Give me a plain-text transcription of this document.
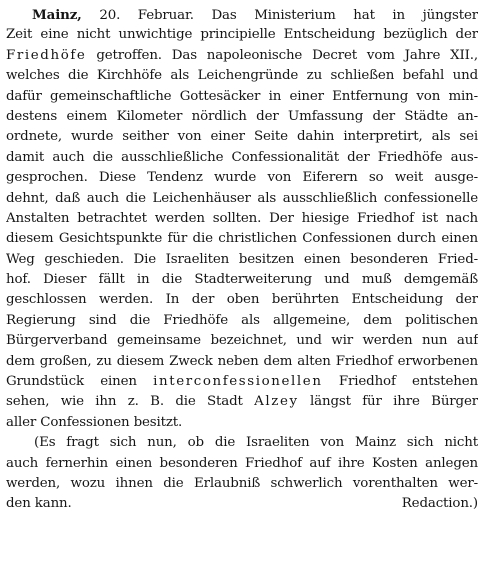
Mainz, 20. Februar. Das Ministerium hat in jüngster
Zeit eine nicht unwichtige principielle Entscheidung bezüglich der
Friedhöfe getroffen. Das napoleonische Decret vom Jahre XII.,
welches die Kirchhöfe als Leichengründe zu schließen befahl und
dafür gemeinschaftliche Gottesäcker in einer Entfernung von min-
destens einem Kilometer nördlich der Umfassung der Städte an-
ordnete, wurde seither von einer Seite dahin interpretirt, als sei
damit auch die ausschließliche Confessionalität der Friedhöfe aus-
gesprochen. Diese Tendenz wurde von Eiferern so weit ausge-
dehnt, daß auch die Leichenhäuser als ausschließlich confessionelle
Anstalten betrachtet werden sollten. Der hiesige Friedhof ist nach
diesem Gesichtspunkte für die christlichen Confessionen durch einen
Weg geschieden. Die Israeliten besitzen einen besonderen Fried-
hof. Dieser fällt in die Stadterweiterung und muß demgemäß
geschlossen werden. In der oben berührten Entscheidung der
Regierung sind die Friedhöfe als allgemeine, dem politischen
Bürgerverband gemeinsame bezeichnet, und wir werden nun auf
dem großen, zu diesem Zweck neben dem alten Friedhof erworbenen
Grundstück einen interconfessionellen Friedhof entstehen
sehen, wie ihn z. B. die Stadt Alzey längst für ihre Bürger
aller Confessionen besitzt.
(Es fragt sich nun, ob die Israeliten von Mainz sich nicht
auch fernerhin einen besonderen Friedhof auf ihre Kosten anlegen
werden, wozu ihnen die Erlaubniß schwerlich vorenthalten wer-
den kann.	Redaction.)
